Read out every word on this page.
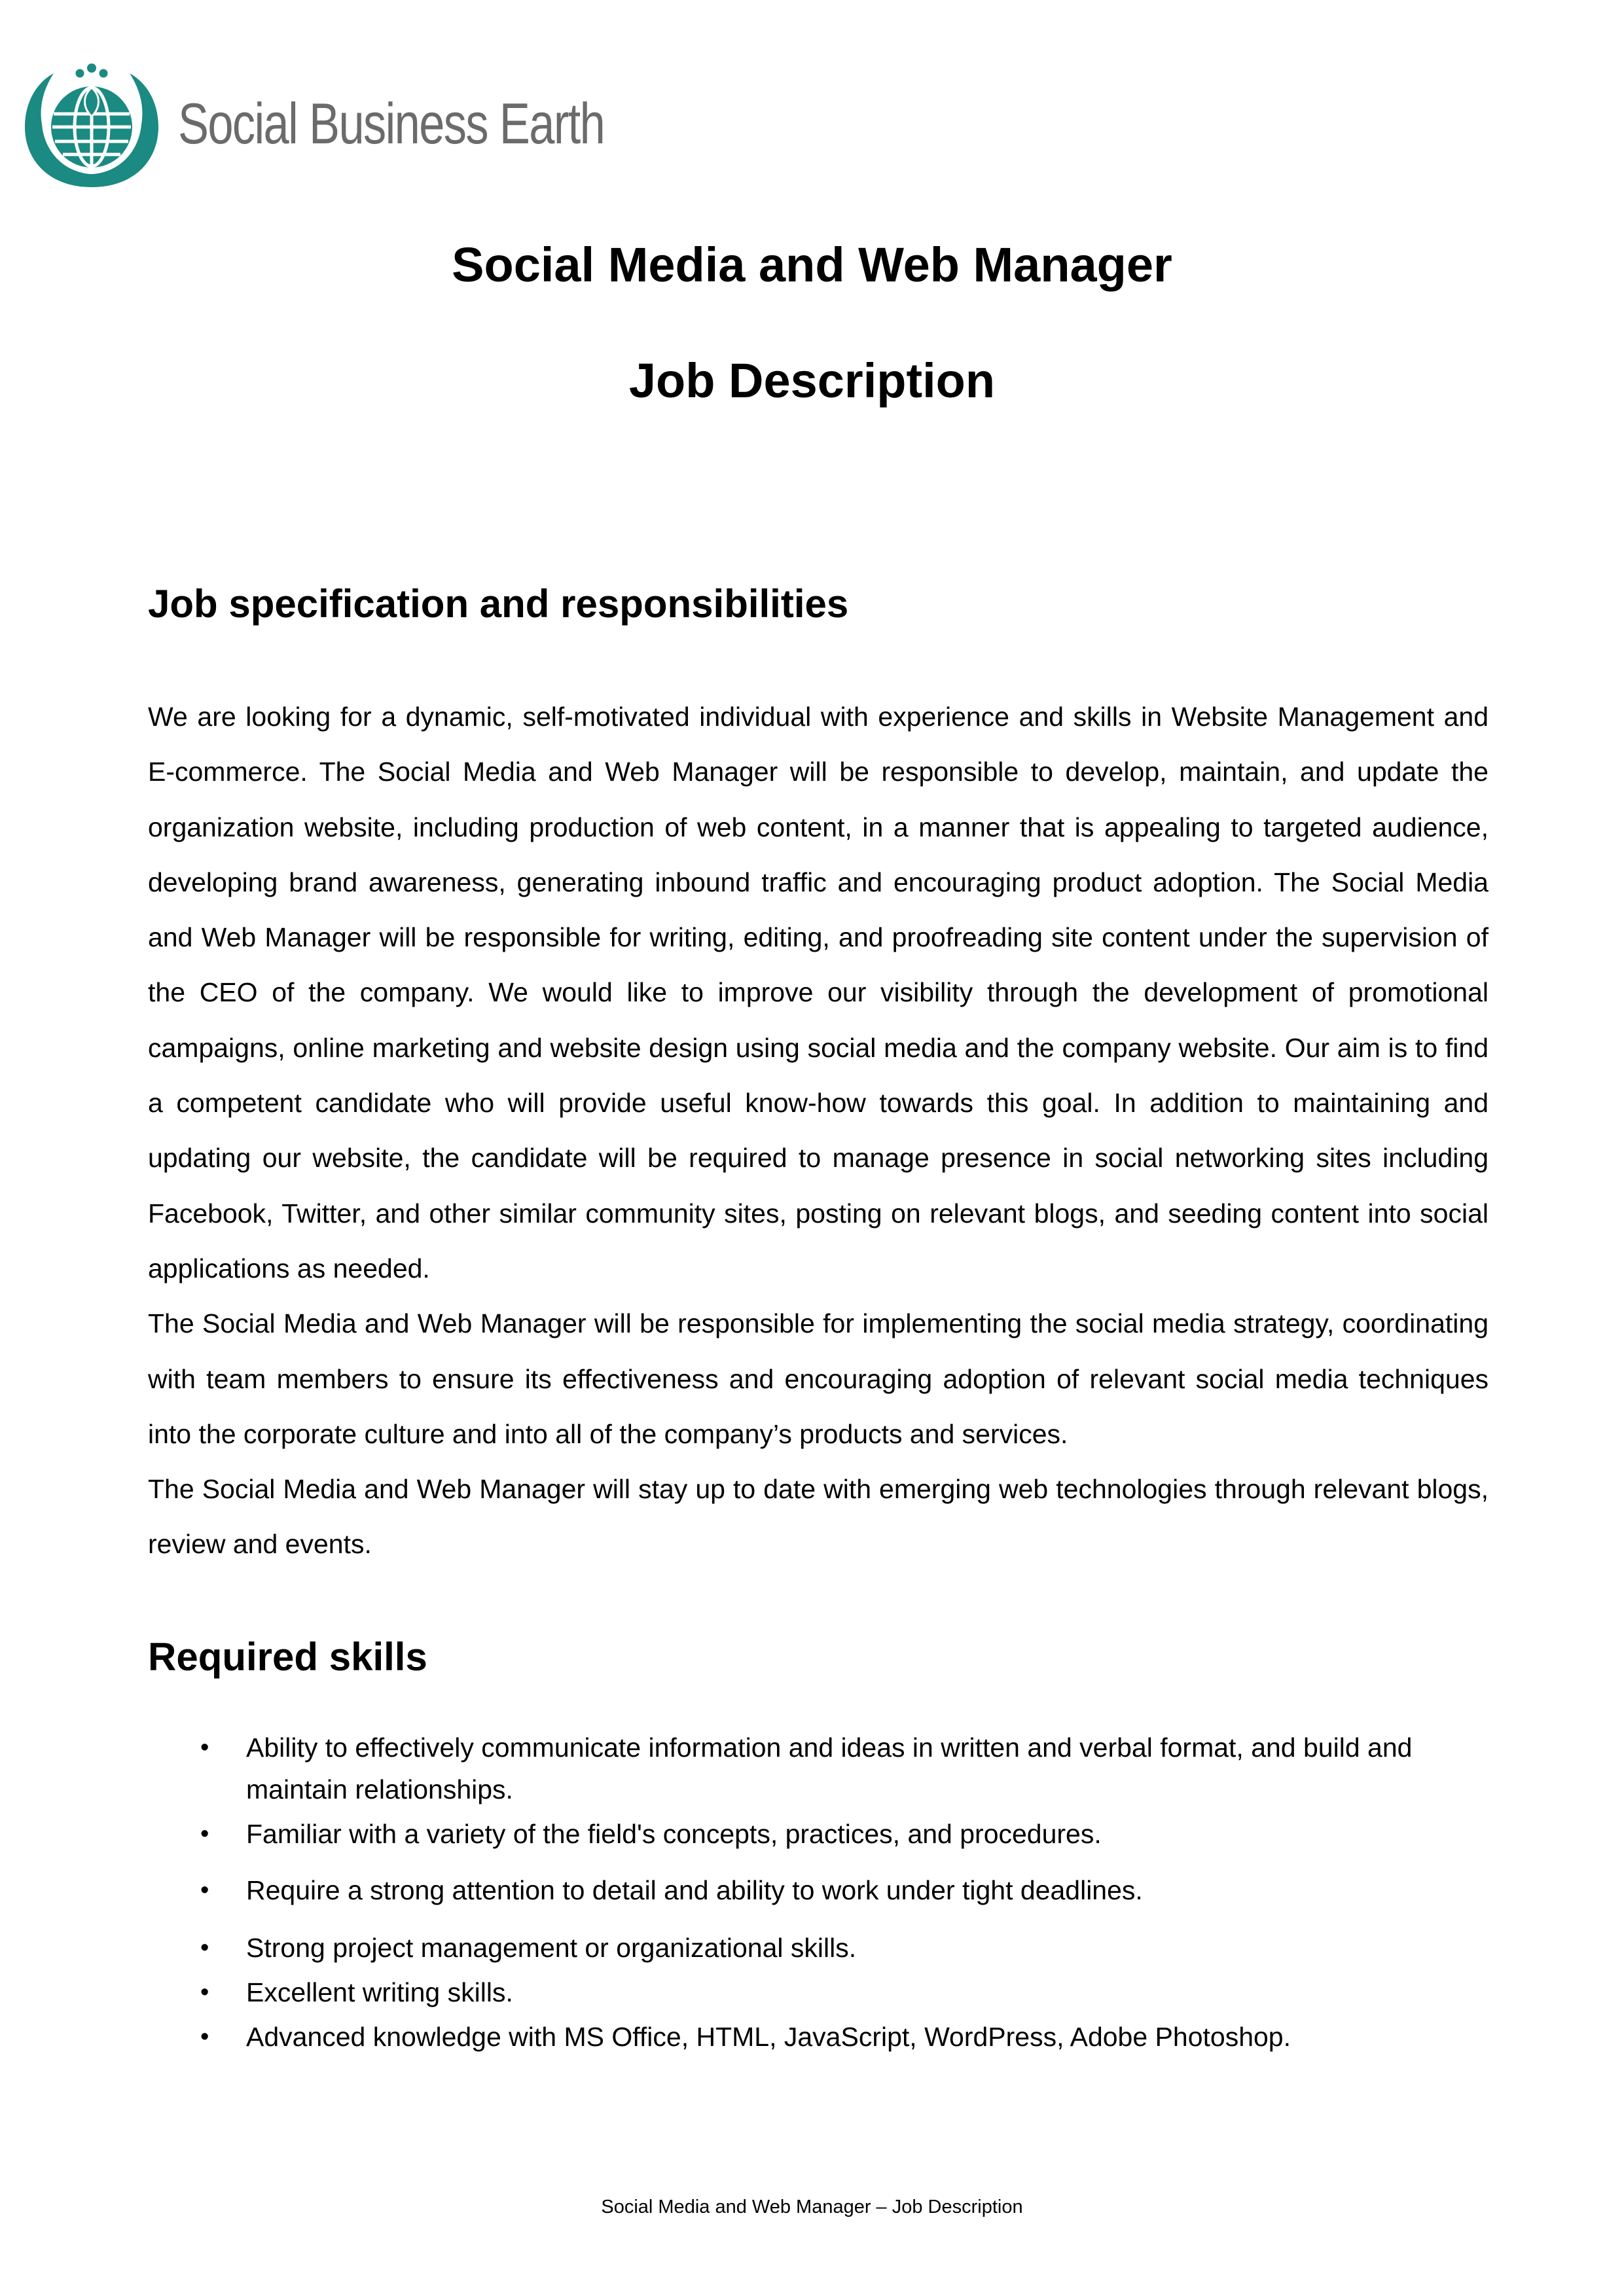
Social Business Earth
Social Media and Web Manager
Job Description
Job specification and responsibilities

We are looking for a dynamic, self-motivated individual with experience and skills in Website Management and E-commerce. The Social Media and Web Manager will be responsible to develop, maintain, and update the organization website, including production of web content, in a manner that is appealing to targeted audience, developing brand awareness, generating inbound traffic and encouraging product adoption. The Social Media and Web Manager will be responsible for writing, editing, and proofreading site content under the supervision of the CEO of the company. We would like to improve our visibility through the development of promotional campaigns, online marketing and website design using social media and the company website. Our aim is to find a competent candidate who will provide useful know-how towards this goal. In addition to maintaining and updating our website, the candidate will be required to manage presence in social networking sites including Facebook, Twitter, and other similar community sites, posting on relevant blogs, and seeding content into social applications as needed.

The Social Media and Web Manager will be responsible for implementing the social media strategy, coordinating with team members to ensure its effectiveness and encouraging adoption of relevant social media techniques into the corporate culture and into all of the company’s products and services.

The Social Media and Web Manager will stay up to date with emerging web technologies through relevant blogs, review and events.

Required skills
• Ability to effectively communicate information and ideas in written and verbal format, and build and maintain relationships.
• Familiar with a variety of the field's concepts, practices, and procedures.
• Require a strong attention to detail and ability to work under tight deadlines.
• Strong project management or organizational skills.
• Excellent writing skills.
• Advanced knowledge with MS Office, HTML, JavaScript, WordPress, Adobe Photoshop.
Social Media and Web Manager – Job Description
